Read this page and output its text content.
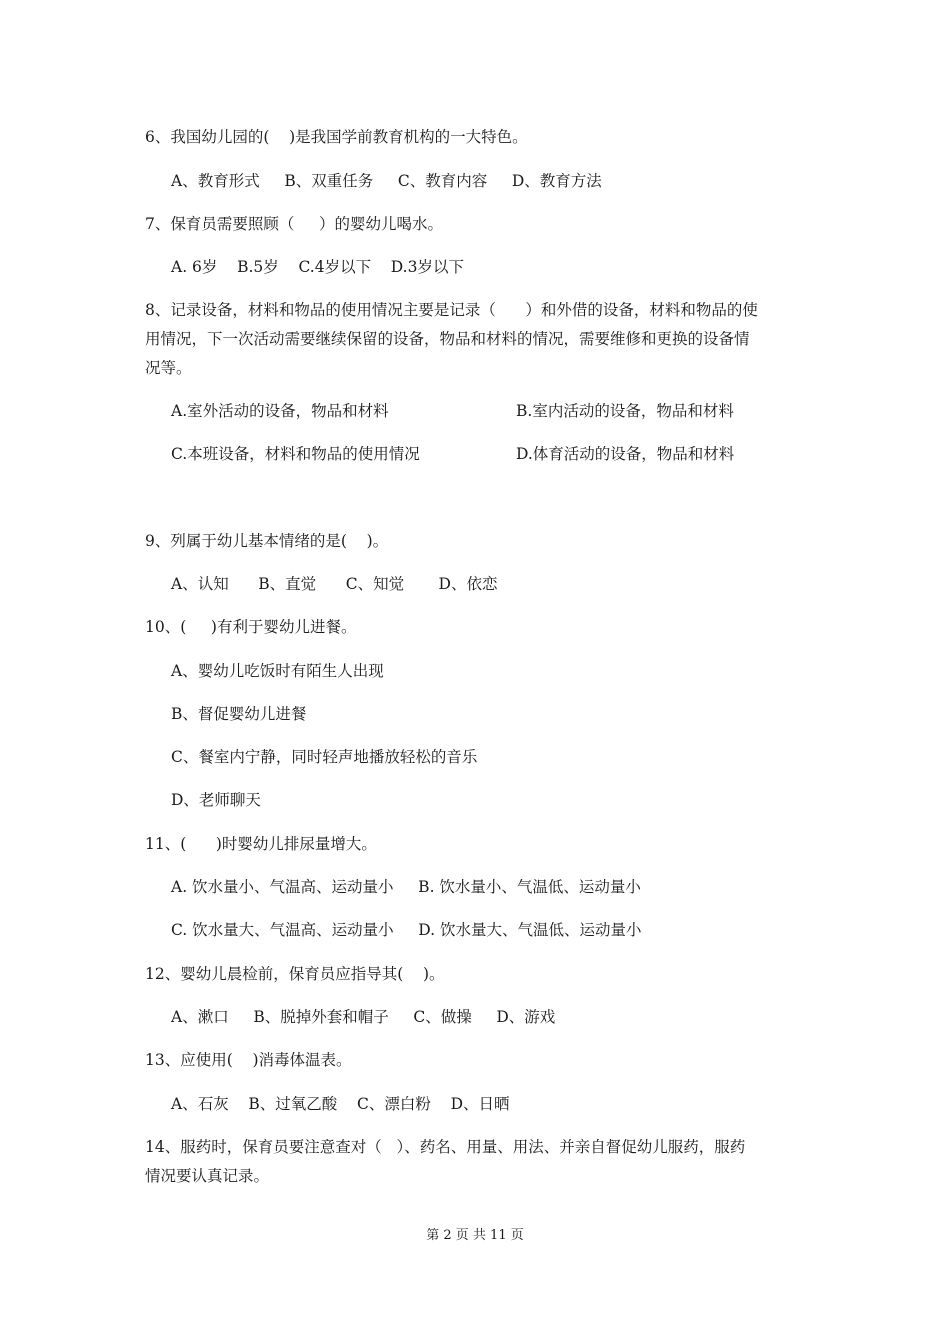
6、我国幼儿园的(    )是我国学前教育机构的一大特色。

A、教育形式     B、双重任务     C、教育内容     D、教育方法

7、保育员需要照顾（     ）的婴幼儿喝水。

A. 6岁    B.5岁    C.4岁以下    D.3岁以下

8、记录设备，材料和物品的使用情况主要是记录（      ）和外借的设备，材料和物品的使

用情况，下一次活动需要继续保留的设备，物品和材料的情况，需要维修和更换的设备情

况等。

A.室外活动的设备，物品和材料	B.室内活动的设备，物品和材料

C.本班设备，材料和物品的使用情况	D.体育活动的设备，物品和材料

9、列属于幼儿基本情绪的是(    )。

A、认知      B、直觉      C、知觉       D、依恋

10、(     )有利于婴幼儿进餐。

A、婴幼儿吃饭时有陌生人出现

B、督促婴幼儿进餐

C、餐室内宁静，同时轻声地播放轻松的音乐

D、老师聊天

11、(      )时婴幼儿排尿量增大。

A. 饮水量小、气温高、运动量小     B. 饮水量小、气温低、运动量小

C. 饮水量大、气温高、运动量小     D. 饮水量大、气温低、运动量小

12、婴幼儿晨检前，保育员应指导其(    )。

A、漱口     B、脱掉外套和帽子     C、做操     D、游戏

13、应使用(    )消毒体温表。

A、石灰    B、过氧乙酸    C、漂白粉    D、日晒

14、服药时，保育员要注意查对（   ）、药名、用量、用法、并亲自督促幼儿服药，服药

情况要认真记录。

第 2 页 共 11 页
